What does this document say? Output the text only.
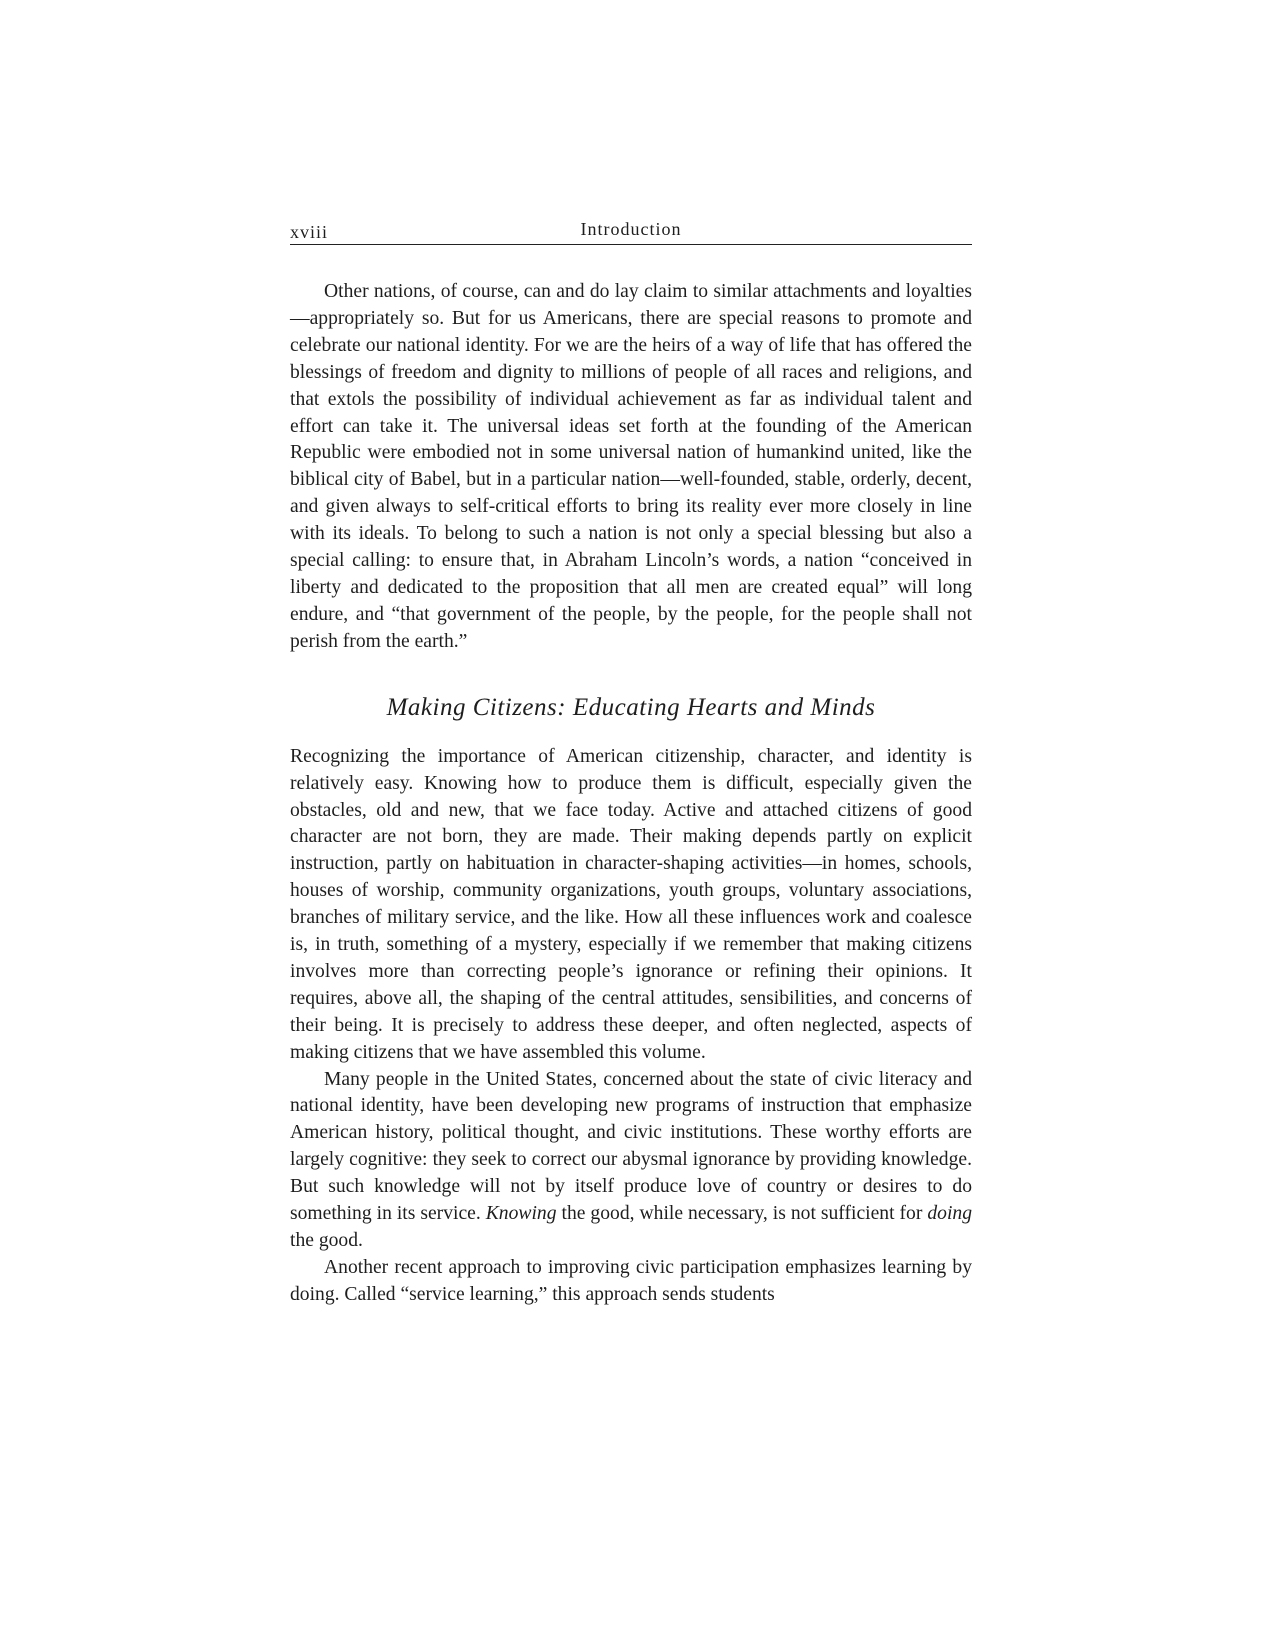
xviii	Introduction

Other nations, of course, can and do lay claim to similar attachments and loyalties—appropriately so. But for us Americans, there are special reasons to promote and celebrate our national identity. For we are the heirs of a way of life that has offered the blessings of freedom and dignity to millions of people of all races and religions, and that extols the possibility of individual achievement as far as individual talent and effort can take it. The universal ideas set forth at the founding of the American Republic were embodied not in some universal nation of humankind united, like the biblical city of Babel, but in a particular nation—well-founded, stable, orderly, decent, and given always to self-critical efforts to bring its reality ever more closely in line with its ideals. To belong to such a nation is not only a special blessing but also a special calling: to ensure that, in Abraham Lincoln’s words, a nation “conceived in liberty and dedicated to the proposition that all men are created equal” will long endure, and “that government of the people, by the people, for the people shall not perish from the earth.”

Making Citizens: Educating Hearts and Minds

Recognizing the importance of American citizenship, character, and identity is relatively easy. Knowing how to produce them is difficult, especially given the obstacles, old and new, that we face today. Active and attached citizens of good character are not born, they are made. Their making depends partly on explicit instruction, partly on habituation in character-shaping activities—in homes, schools, houses of worship, community organizations, youth groups, voluntary associations, branches of military service, and the like. How all these influences work and coalesce is, in truth, something of a mystery, especially if we remember that making citizens involves more than correcting people’s ignorance or refining their opinions. It requires, above all, the shaping of the central attitudes, sensibilities, and concerns of their being. It is precisely to address these deeper, and often neglected, aspects of making citizens that we have assembled this volume.

Many people in the United States, concerned about the state of civic literacy and national identity, have been developing new programs of instruction that emphasize American history, political thought, and civic institutions. These worthy efforts are largely cognitive: they seek to correct our abysmal ignorance by providing knowledge. But such knowledge will not by itself produce love of country or desires to do something in its service. Knowing the good, while necessary, is not sufficient for doing the good.

Another recent approach to improving civic participation emphasizes learning by doing. Called “service learning,” this approach sends students
